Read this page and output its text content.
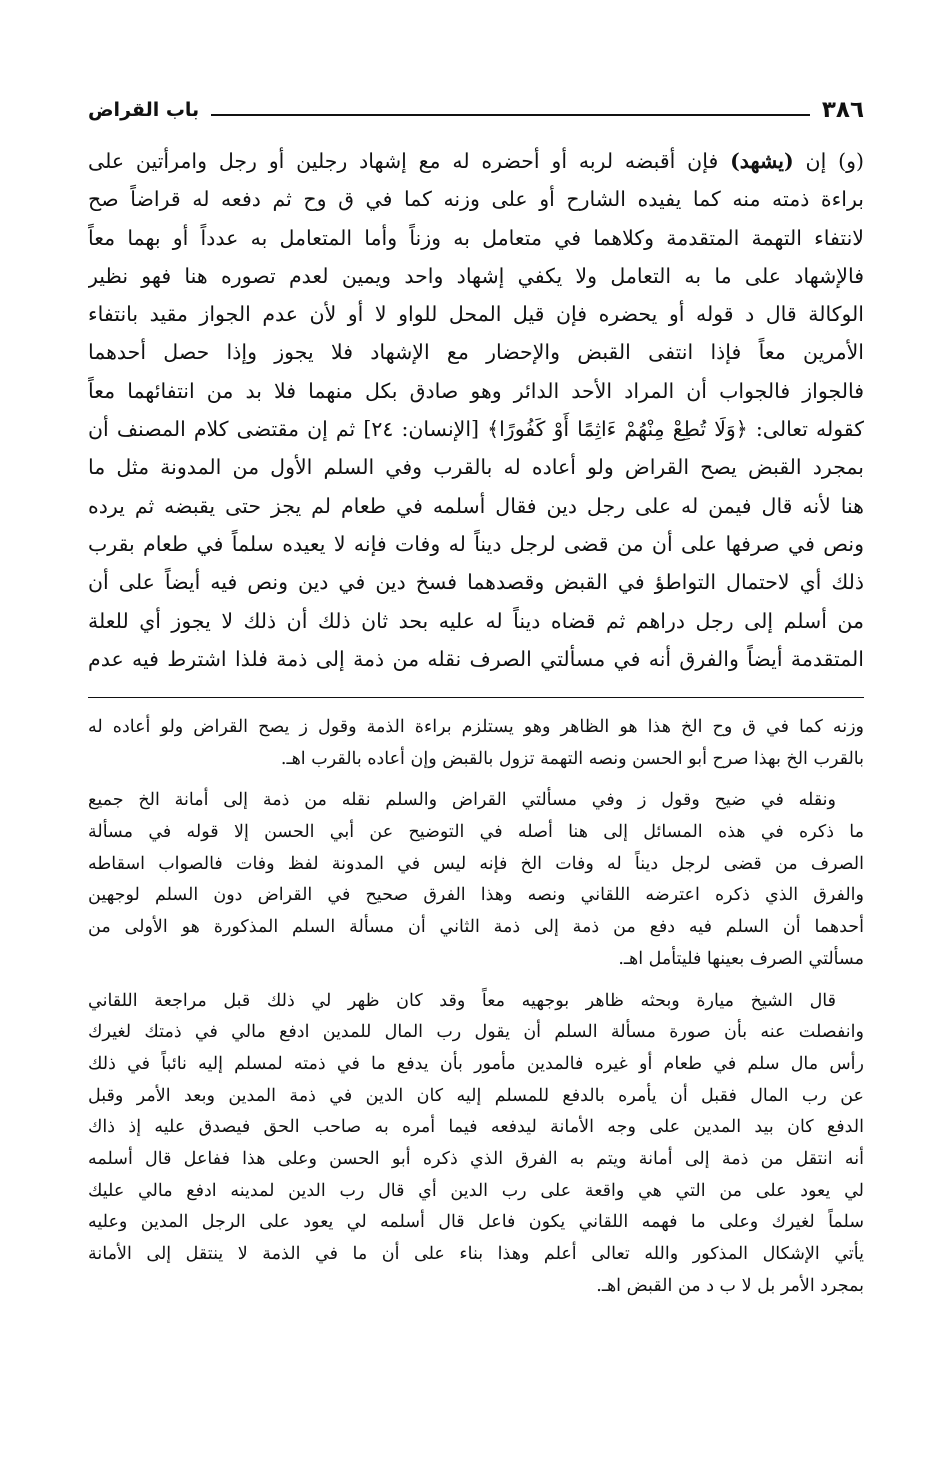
٣٨٦
باب القراض
(و) إن (يشهد) فإن أقبضه لربه أو أحضره له مع إشهاد رجلين أو رجل وامرأتين على
براءة ذمته منه كما يفيده الشارح أو على وزنه كما في ق وح ثم دفعه له قراضاً صح
لانتفاء التهمة المتقدمة وكلاهما في متعامل به وزناً وأما المتعامل به عدداً أو بهما معاً
فالإشهاد على ما به التعامل ولا يكفي إشهاد واحد ويمين لعدم تصوره هنا فهو نظير
الوكالة قال د قوله أو يحضره فإن قيل المحل للواو لا أو لأن عدم الجواز مقيد بانتفاء
الأمرين معاً فإذا انتفى القبض والإحضار مع الإشهاد فلا يجوز وإذا حصل أحدهما
فالجواز فالجواب أن المراد الأحد الدائر وهو صادق بكل منهما فلا بد من انتفائهما معاً
كقوله تعالى: ﴿وَلَا تُطِعْ مِنْهُمْ ءَاثِمًا أَوْ كَفُورًا﴾ [الإنسان: ٢٤] ثم إن مقتضى كلام المصنف أن
بمجرد القبض يصح القراض ولو أعاده له بالقرب وفي السلم الأول من المدونة مثل ما
هنا لأنه قال فيمن له على رجل دين فقال أسلمه في طعام لم يجز حتى يقبضه ثم يرده
ونص في صرفها على أن من قضى لرجل ديناً له وفات فإنه لا يعيده سلماً في طعام بقرب
ذلك أي لاحتمال التواطؤ في القبض وقصدهما فسخ دين في دين ونص فيه أيضاً على أن
من أسلم إلى رجل دراهم ثم قضاه ديناً له عليه بحد ثان ذلك أن ذلك لا يجوز أي للعلة
المتقدمة أيضاً والفرق أنه في مسألتي الصرف نقله من ذمة إلى ذمة فلذا اشترط فيه عدم
وزنه كما في ق وح الخ هذا هو الظاهر وهو يستلزم براءة الذمة وقول ز يصح القراض ولو أعاده له
بالقرب الخ بهذا صرح أبو الحسن ونصه التهمة تزول بالقبض وإن أعاده بالقرب اهـ.
ونقله في ضيح وقول ز وفي مسألتي القراض والسلم نقله من ذمة إلى أمانة الخ جميع
ما ذكره في هذه المسائل إلى هنا أصله في التوضيح عن أبي الحسن إلا قوله في مسألة
الصرف من قضى لرجل ديناً له وفات الخ فإنه ليس في المدونة لفظ وفات فالصواب اسقاطه
والفرق الذي ذكره اعترضه اللقاني ونصه وهذا الفرق صحيح في القراض دون السلم لوجهين
أحدهما أن السلم فيه دفع من ذمة إلى ذمة الثاني أن مسألة السلم المذكورة هو الأولى من
مسألتي الصرف بعينها فليتأمل اهـ.
قال الشيخ ميارة وبحثه ظاهر بوجهيه معاً وقد كان ظهر لي ذلك قبل مراجعة اللقاني
وانفصلت عنه بأن صورة مسألة السلم أن يقول رب المال للمدين ادفع مالي في ذمتك لغيرك
رأس مال سلم في طعام أو غيره فالمدين مأمور بأن يدفع ما في ذمته لمسلم إليه نائباً في ذلك
عن رب المال فقبل أن يأمره بالدفع للمسلم إليه كان الدين في ذمة المدين وبعد الأمر وقبل
الدفع كان بيد المدين على وجه الأمانة ليدفعه فيما أمره به صاحب الحق فيصدق عليه إذ ذاك
أنه انتقل من ذمة إلى أمانة ويتم به الفرق الذي ذكره أبو الحسن وعلى هذا ففاعل قال أسلمه
لي يعود على من التي هي واقعة على رب الدين أي قال رب الدين لمدينه ادفع مالي عليك
سلماً لغيرك وعلى ما فهمه اللقاني يكون فاعل قال أسلمه لي يعود على الرجل المدين وعليه
يأتي الإشكال المذكور والله تعالى أعلم وهذا بناء على أن ما في الذمة لا ينتقل إلى الأمانة
بمجرد الأمر بل لا ب د من القبض اهـ.
